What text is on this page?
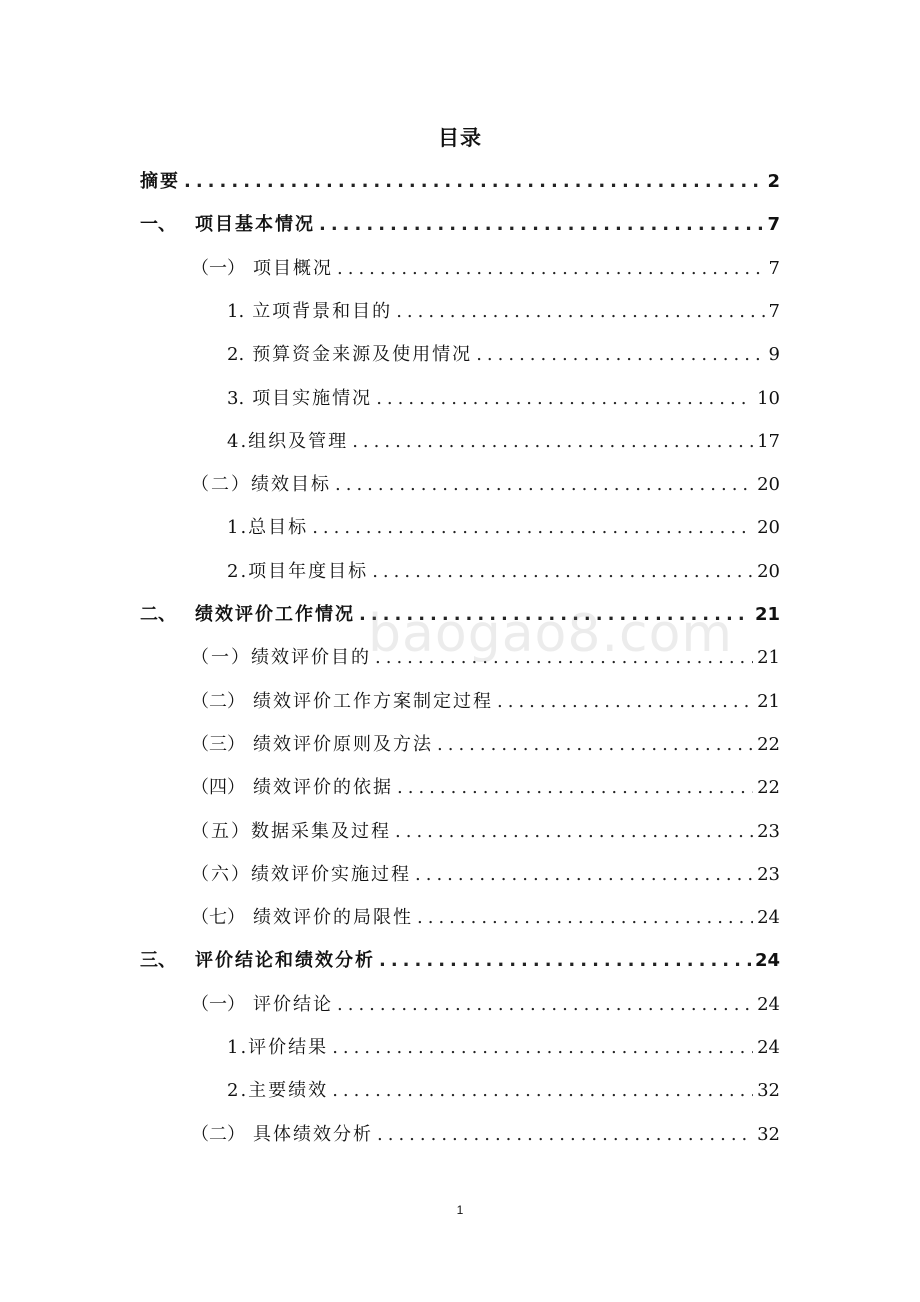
目录
摘要 .....	2
一、	项目基本情况 .....	7
（一） 项目概况 .....	7
1. 立项背景和目的 .....	7
2. 预算资金来源及使用情况 .....	9
3. 项目实施情况 .....	10
4.组织及管理 .....	17
（二）绩效目标 .....	20
1.总目标 .....	20
2.项目年度目标 .....	20
二、	绩效评价工作情况 .....	21
（一）绩效评价目的 .....	21
（二） 绩效评价工作方案制定过程 .....	21
（三） 绩效评价原则及方法 .....	22
（四） 绩效评价的依据 .....	22
（五）数据采集及过程 .....	23
（六）绩效评价实施过程 .....	23
（七） 绩效评价的局限性 .....	24
三、	评价结论和绩效分析 .....	24
（一） 评价结论 .....	24
1.评价结果 .....	24
2.主要绩效 .....	32
（二） 具体绩效分析 .....	32
baogao8.com
1
